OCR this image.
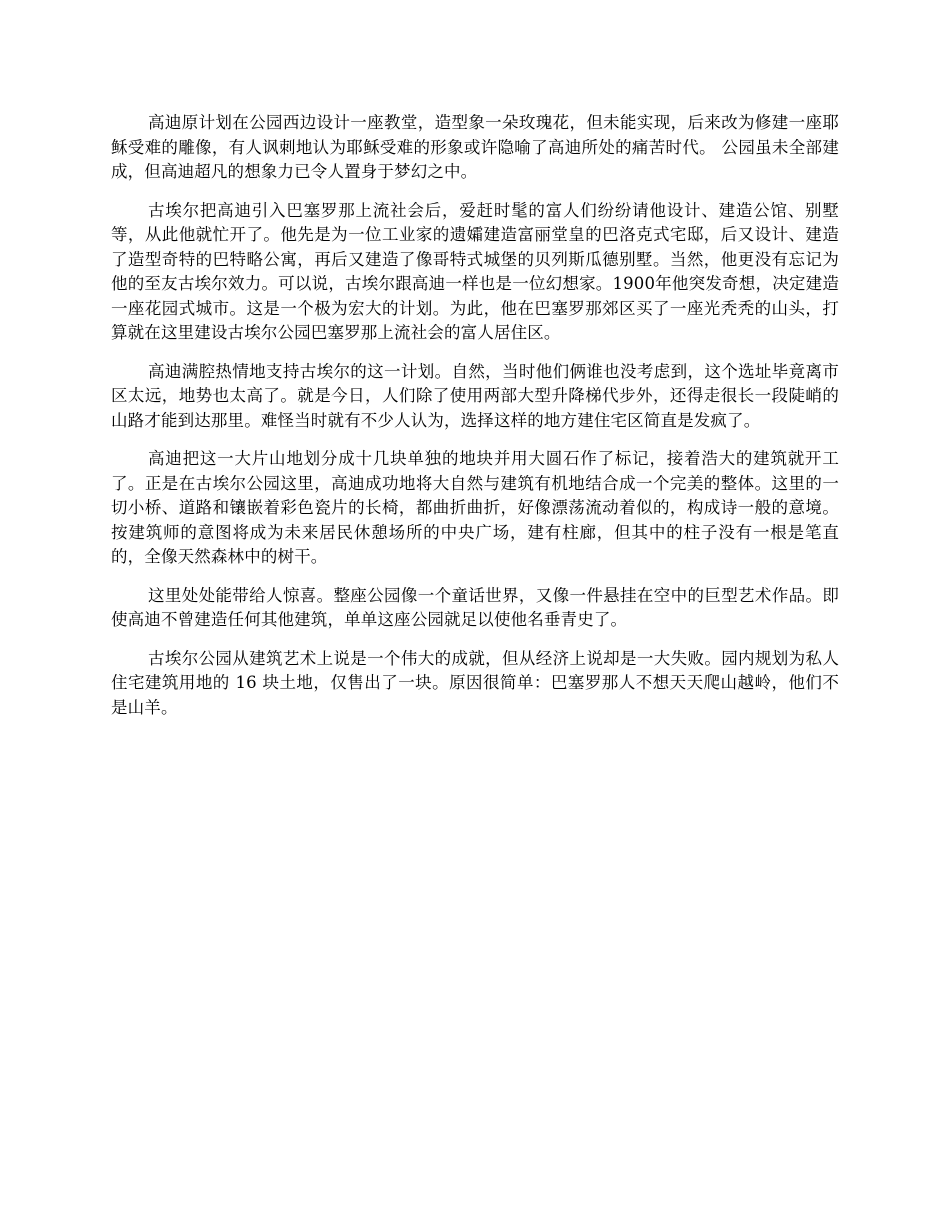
高迪原计划在公园西边设计一座教堂，造型象一朵玫瑰花，但未能实现，后来改为修建一座耶稣受难的雕像，有人讽刺地认为耶稣受难的形象或许隐喻了高迪所处的痛苦时代。 公园虽未全部建成，但高迪超凡的想象力已令人置身于梦幻之中。

古埃尔把高迪引入巴塞罗那上流社会后，爱赶时髦的富人们纷纷请他设计、建造公馆、别墅等，从此他就忙开了。他先是为一位工业家的遗孀建造富丽堂皇的巴洛克式宅邸，后又设计、建造了造型奇特的巴特略公寓，再后又建造了像哥特式城堡的贝列斯瓜德别墅。当然，他更没有忘记为他的至友古埃尔效力。可以说，古埃尔跟高迪一样也是一位幻想家。1900年他突发奇想，决定建造一座花园式城市。这是一个极为宏大的计划。为此，他在巴塞罗那郊区买了一座光秃秃的山头，打算就在这里建设古埃尔公园巴塞罗那上流社会的富人居住区。

高迪满腔热情地支持古埃尔的这一计划。自然，当时他们俩谁也没考虑到，这个选址毕竟离市区太远，地势也太高了。就是今日，人们除了使用两部大型升降梯代步外，还得走很长一段陡峭的山路才能到达那里。难怪当时就有不少人认为，选择这样的地方建住宅区简直是发疯了。

高迪把这一大片山地划分成十几块单独的地块并用大圆石作了标记，接着浩大的建筑就开工了。正是在古埃尔公园这里，高迪成功地将大自然与建筑有机地结合成一个完美的整体。这里的一切小桥、道路和镶嵌着彩色瓷片的长椅，都曲折曲折，好像漂荡流动着似的，构成诗一般的意境。按建筑师的意图将成为未来居民休憩场所的中央广场，建有柱廊，但其中的柱子没有一根是笔直的，全像天然森林中的树干。

这里处处能带给人惊喜。整座公园像一个童话世界，又像一件悬挂在空中的巨型艺术作品。即使高迪不曾建造任何其他建筑，单单这座公园就足以使他名垂青史了。

古埃尔公园从建筑艺术上说是一个伟大的成就，但从经济上说却是一大失败。园内规划为私人住宅建筑用地的 16 块土地，仅售出了一块。原因很简单：巴塞罗那人不想天天爬山越岭，他们不是山羊。
